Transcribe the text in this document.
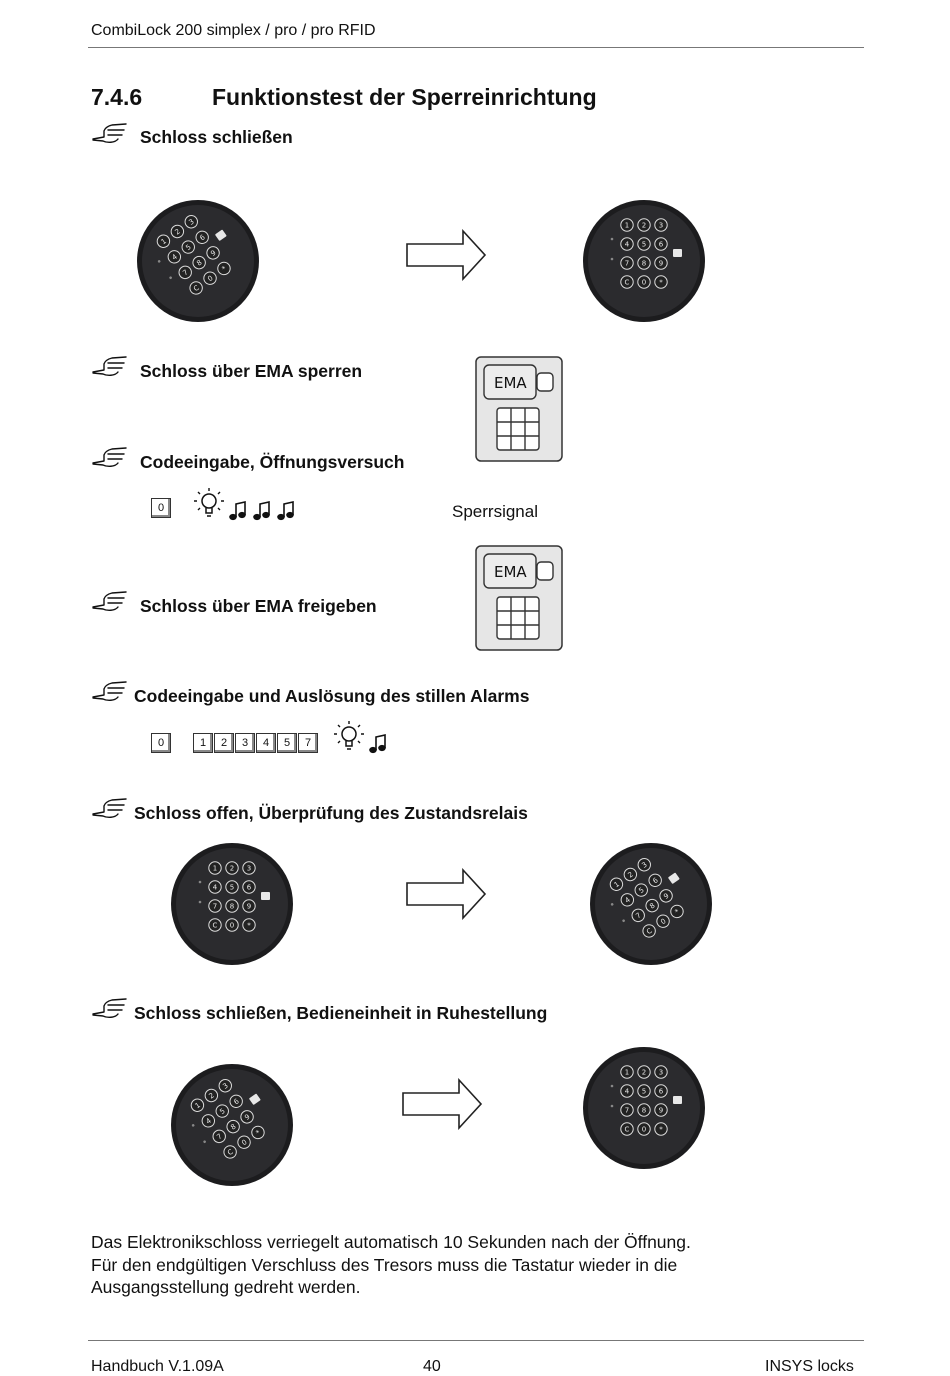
CombiLock 200 simplex / pro / pro RFID
7.4.6	Funktionstest der Sperreinrichtung
Schloss schließen
1
2
3
4
5
6
7
8
9
C
0
*
1 2 3
4 5 6
7 8 9
C 0 *
Schloss über EMA sperren
EMA
Codeeingabe, Öffnungsversuch
0	Sperrsignal
EMA
Schloss über EMA freigeben
Codeeingabe und Auslösung des stillen Alarms
0	1	2	3	4	5	7
Schloss offen, Überprüfung des Zustandsrelais
1 2 3
4 5 6
7 8 9
C 0 *
1
2
3
4
5
6
7
8
9
C
0
*
Schloss schließen, Bedieneinheit in Ruhestellung
1
2
3
4
5
6
7
8
9
C
0
*
1 2 3
4 5 6
7 8 9
C 0 *
Das Elektronikschloss verriegelt automatisch 10 Sekunden nach der Öffnung.
Für den endgültigen Verschluss des Tresors muss die Tastatur wieder in die
Ausgangsstellung gedreht werden.
Handbuch V.1.09A	40	INSYS locks
